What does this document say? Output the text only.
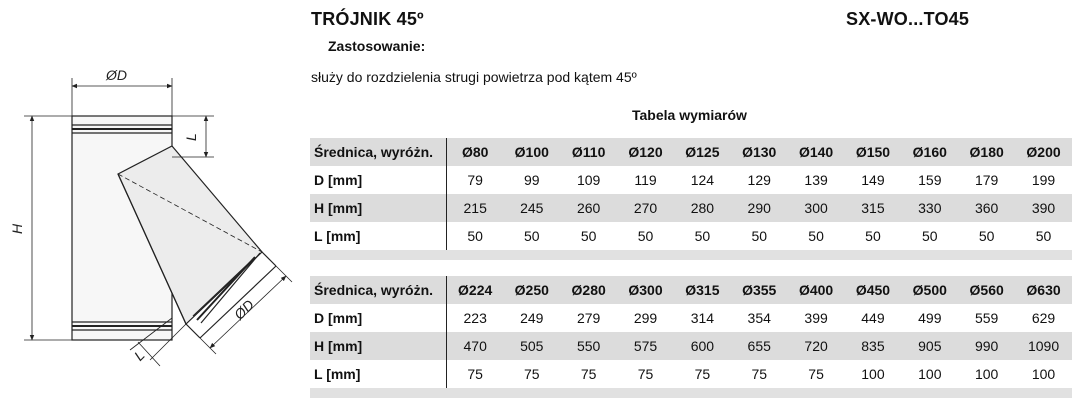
ØD
H
L
ØD
L
TRÓJNIK 45º	SX-WO...TO45
Zastosowanie:
służy do rozdzielenia strugi powietrza pod kątem 45º
Tabela wymiarów
Średnica, wyróżn.	Ø80	Ø100	Ø110	Ø120	Ø125	Ø130	Ø140	Ø150	Ø160	Ø180	Ø200
D [mm]	79	99	109	119	124	129	139	149	159	179	199
H [mm]	215	245	260	270	280	290	300	315	330	360	390
L [mm]	50	50	50	50	50	50	50	50	50	50	50

Średnica, wyróżn.	Ø224	Ø250	Ø280	Ø300	Ø315	Ø355	Ø400	Ø450	Ø500	Ø560	Ø630
D [mm]	223	249	279	299	314	354	399	449	499	559	629
H [mm]	470	505	550	575	600	655	720	835	905	990	1090
L [mm]	75	75	75	75	75	75	75	100	100	100	100
